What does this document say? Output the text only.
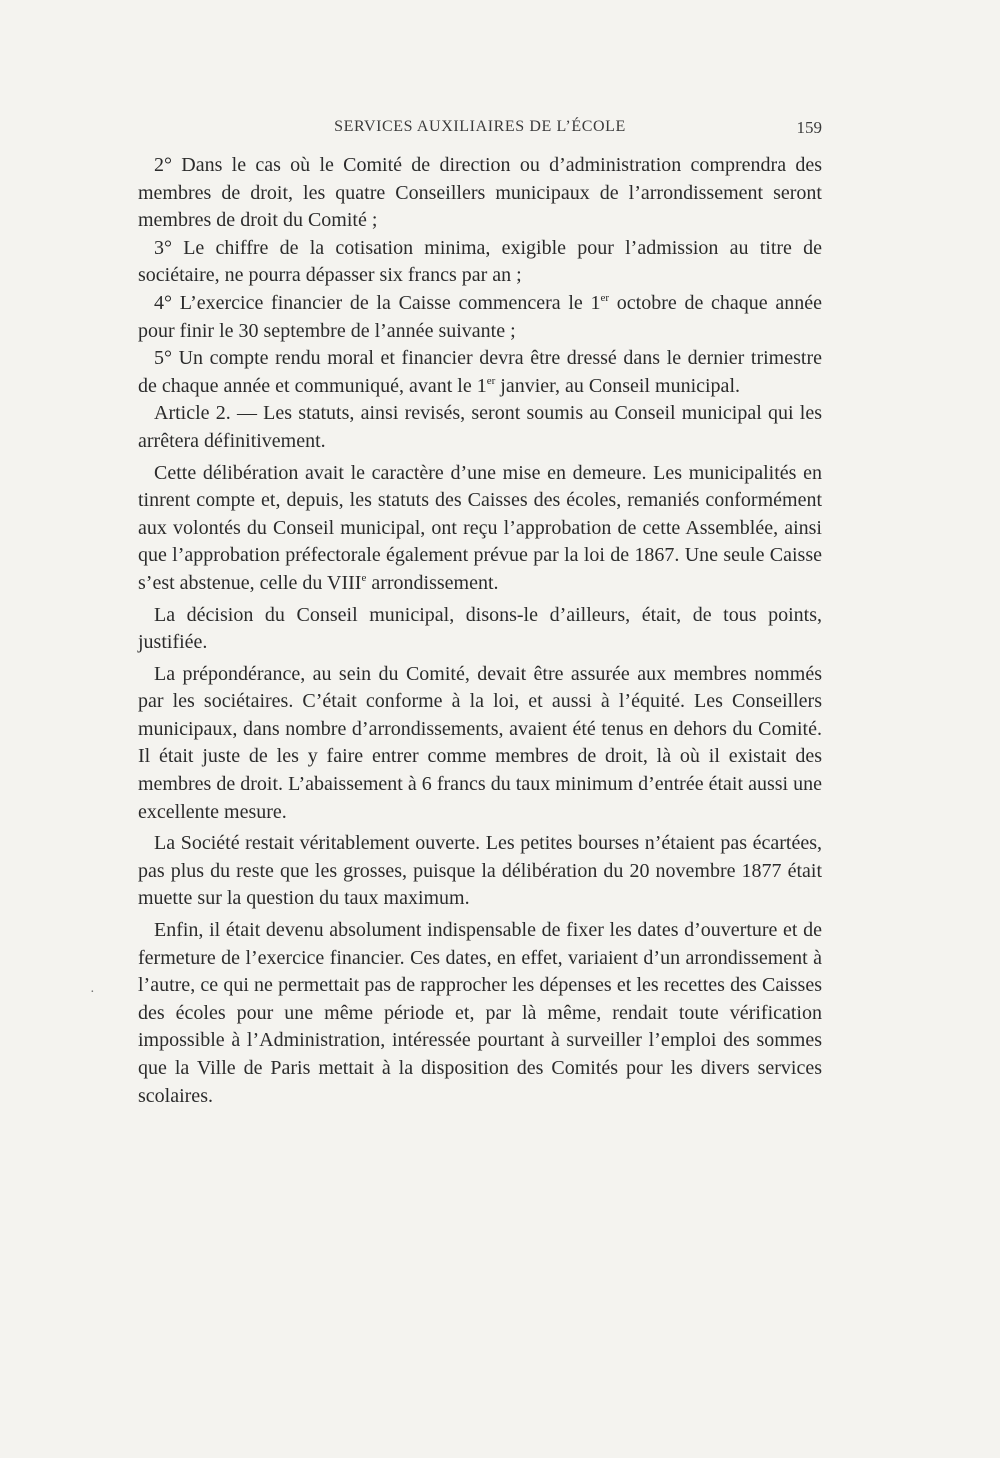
SERVICES AUXILIAIRES DE L’ÉCOLE	159

2° Dans le cas où le Comité de direction ou d’administration comprendra des membres de droit, les quatre Conseillers municipaux de l’arrondissement seront membres de droit du Comité ;

3° Le chiffre de la cotisation minima, exigible pour l’admission au titre de sociétaire, ne pourra dépasser six francs par an ;

4° L’exercice financier de la Caisse commencera le 1er octobre de chaque année pour finir le 30 septembre de l’année suivante ;

5° Un compte rendu moral et financier devra être dressé dans le dernier trimestre de chaque année et communiqué, avant le 1er janvier, au Conseil municipal.

Article 2. — Les statuts, ainsi revisés, seront soumis au Conseil municipal qui les arrêtera définitivement.

Cette délibération avait le caractère d’une mise en demeure. Les municipalités en tinrent compte et, depuis, les statuts des Caisses des écoles, remaniés conformément aux volontés du Conseil municipal, ont reçu l’approbation de cette Assemblée, ainsi que l’approbation préfectorale également prévue par la loi de 1867. Une seule Caisse s’est abstenue, celle du VIIIe arrondissement.

La décision du Conseil municipal, disons-le d’ailleurs, était, de tous points, justifiée.

La prépondérance, au sein du Comité, devait être assurée aux membres nommés par les sociétaires. C’était conforme à la loi, et aussi à l’équité. Les Conseillers municipaux, dans nombre d’arrondissements, avaient été tenus en dehors du Comité. Il était juste de les y faire entrer comme membres de droit, là où il existait des membres de droit. L’abaissement à 6 francs du taux minimum d’entrée était aussi une excellente mesure.

La Société restait véritablement ouverte. Les petites bourses n’étaient pas écartées, pas plus du reste que les grosses, puisque la délibération du 20 novembre 1877 était muette sur la question du taux maximum.

Enfin, il était devenu absolument indispensable de fixer les dates d’ouverture et de fermeture de l’exercice financier. Ces dates, en effet, variaient d’un arrondissement à l’autre, ce qui ne permettait pas de rapprocher les dépenses et les recettes des Caisses des écoles pour une même période et, par là même, rendait toute vérification impossible à l’Administration, intéressée pourtant à surveiller l’emploi des sommes que la Ville de Paris mettait à la disposition des Comités pour les divers services scolaires.

·
